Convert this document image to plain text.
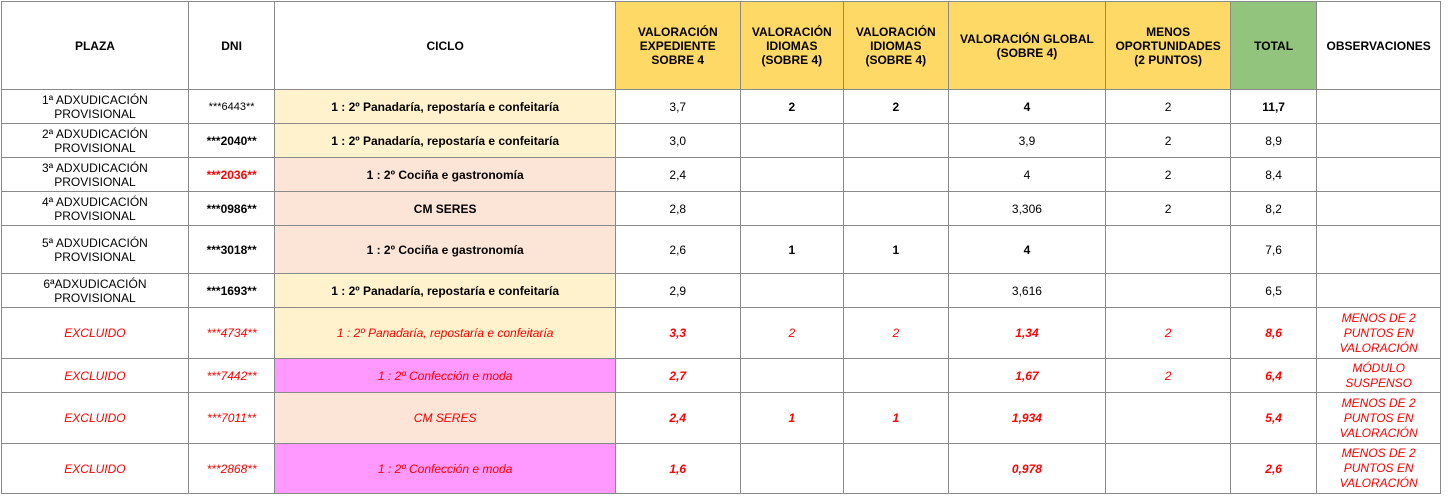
PLAZA	DNI	CICLO	VALORACIÓN EXPEDIENTE SOBRE 4	VALORACIÓN IDIOMAS (SOBRE 4)	VALORACIÓN IDIOMAS (SOBRE 4)	VALORACIÓN GLOBAL (SOBRE 4)	MENOS OPORTUNIDADES (2 PUNTOS)	TOTAL	OBSERVACIONES
1ª ADXUDICACIÓN PROVISIONAL	***6443**	1 : 2º Panadaría, repostaría e confeitaría	3,7	2	2	4	2	11,7	
2ª ADXUDICACIÓN PROVISIONAL	***2040**	1 : 2º Panadaría, repostaría e confeitaría	3,0			3,9	2	8,9	
3ª ADXUDICACIÓN PROVISIONAL	***2036**	1 : 2º Cociña e gastronomía	2,4			4	2	8,4	
4ª ADXUDICACIÓN PROVISIONAL	***0986**	CM SERES	2,8			3,306	2	8,2	
5ª ADXUDICACIÓN PROVISIONAL	***3018**	1 : 2º Cociña e gastronomía	2,6	1	1	4		7,6	
6ªADXUDICACIÓN PROVISIONAL	***1693**	1 : 2º Panadaría, repostaría e confeitaría	2,9			3,616		6,5	
EXCLUIDO	***4734**	1 : 2º Panadaría, repostaría e confeitaría	3,3	2	2	1,34	2	8,6	MENOS DE 2 PUNTOS EN VALORACIÓN
EXCLUIDO	***7442**	1 : 2º Confección e moda	2,7			1,67	2	6,4	MÓDULO SUSPENSO
EXCLUIDO	***7011**	CM SERES	2,4	1	1	1,934		5,4	MENOS DE 2 PUNTOS EN VALORACIÓN
EXCLUIDO	***2868**	1 : 2º Confección e moda	1,6			0,978		2,6	MENOS DE 2 PUNTOS EN VALORACIÓN
